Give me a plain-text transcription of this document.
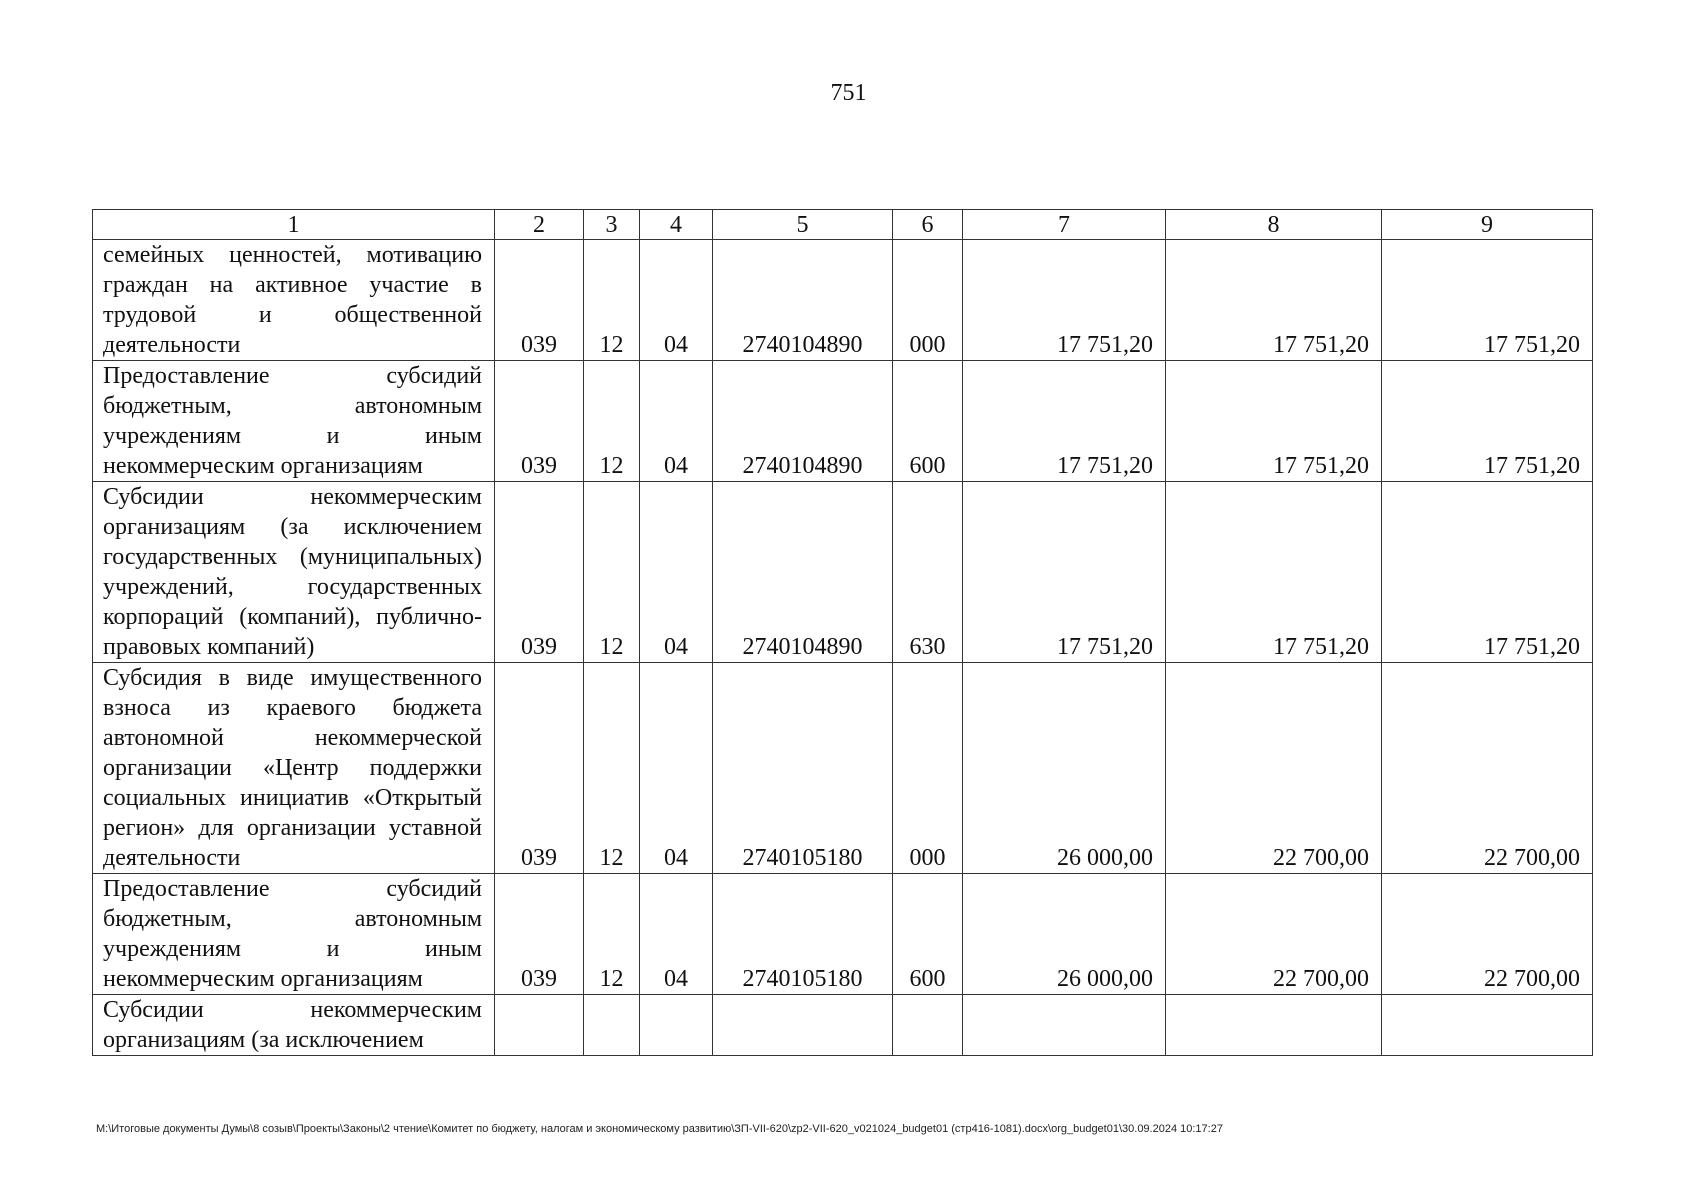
751
1	2	3	4	5	6	7	8	9
семейных ценностей, мотивацию граждан на активное участие в трудовой и общественной деятельности	039	12	04	2740104890	000	17 751,20	17 751,20	17 751,20
Предоставление субсидий бюджетным, автономным учреждениям и иным некоммерческим организациям	039	12	04	2740104890	600	17 751,20	17 751,20	17 751,20
Субсидии некоммерческим организациям (за исключением государственных (муниципальных) учреждений, государственных корпораций (компаний), публично-правовых компаний)	039	12	04	2740104890	630	17 751,20	17 751,20	17 751,20
Субсидия в виде имущественного взноса из краевого бюджета автономной некоммерческой организации «Центр поддержки социальных инициатив «Открытый регион» для организации уставной деятельности	039	12	04	2740105180	000	26 000,00	22 700,00	22 700,00
Предоставление субсидий бюджетным, автономным учреждениям и иным некоммерческим организациям	039	12	04	2740105180	600	26 000,00	22 700,00	22 700,00
Субсидии некоммерческим организациям (за исключением								
M:\Итоговые документы Думы\8 созыв\Проекты\Законы\2 чтение\Комитет по бюджету, налогам и экономическому развитию\ЗП-VII-620\zp2-VII-620_v021024_budget01 (стр416-1081).docx\org_budget01\30.09.2024 10:17:27
